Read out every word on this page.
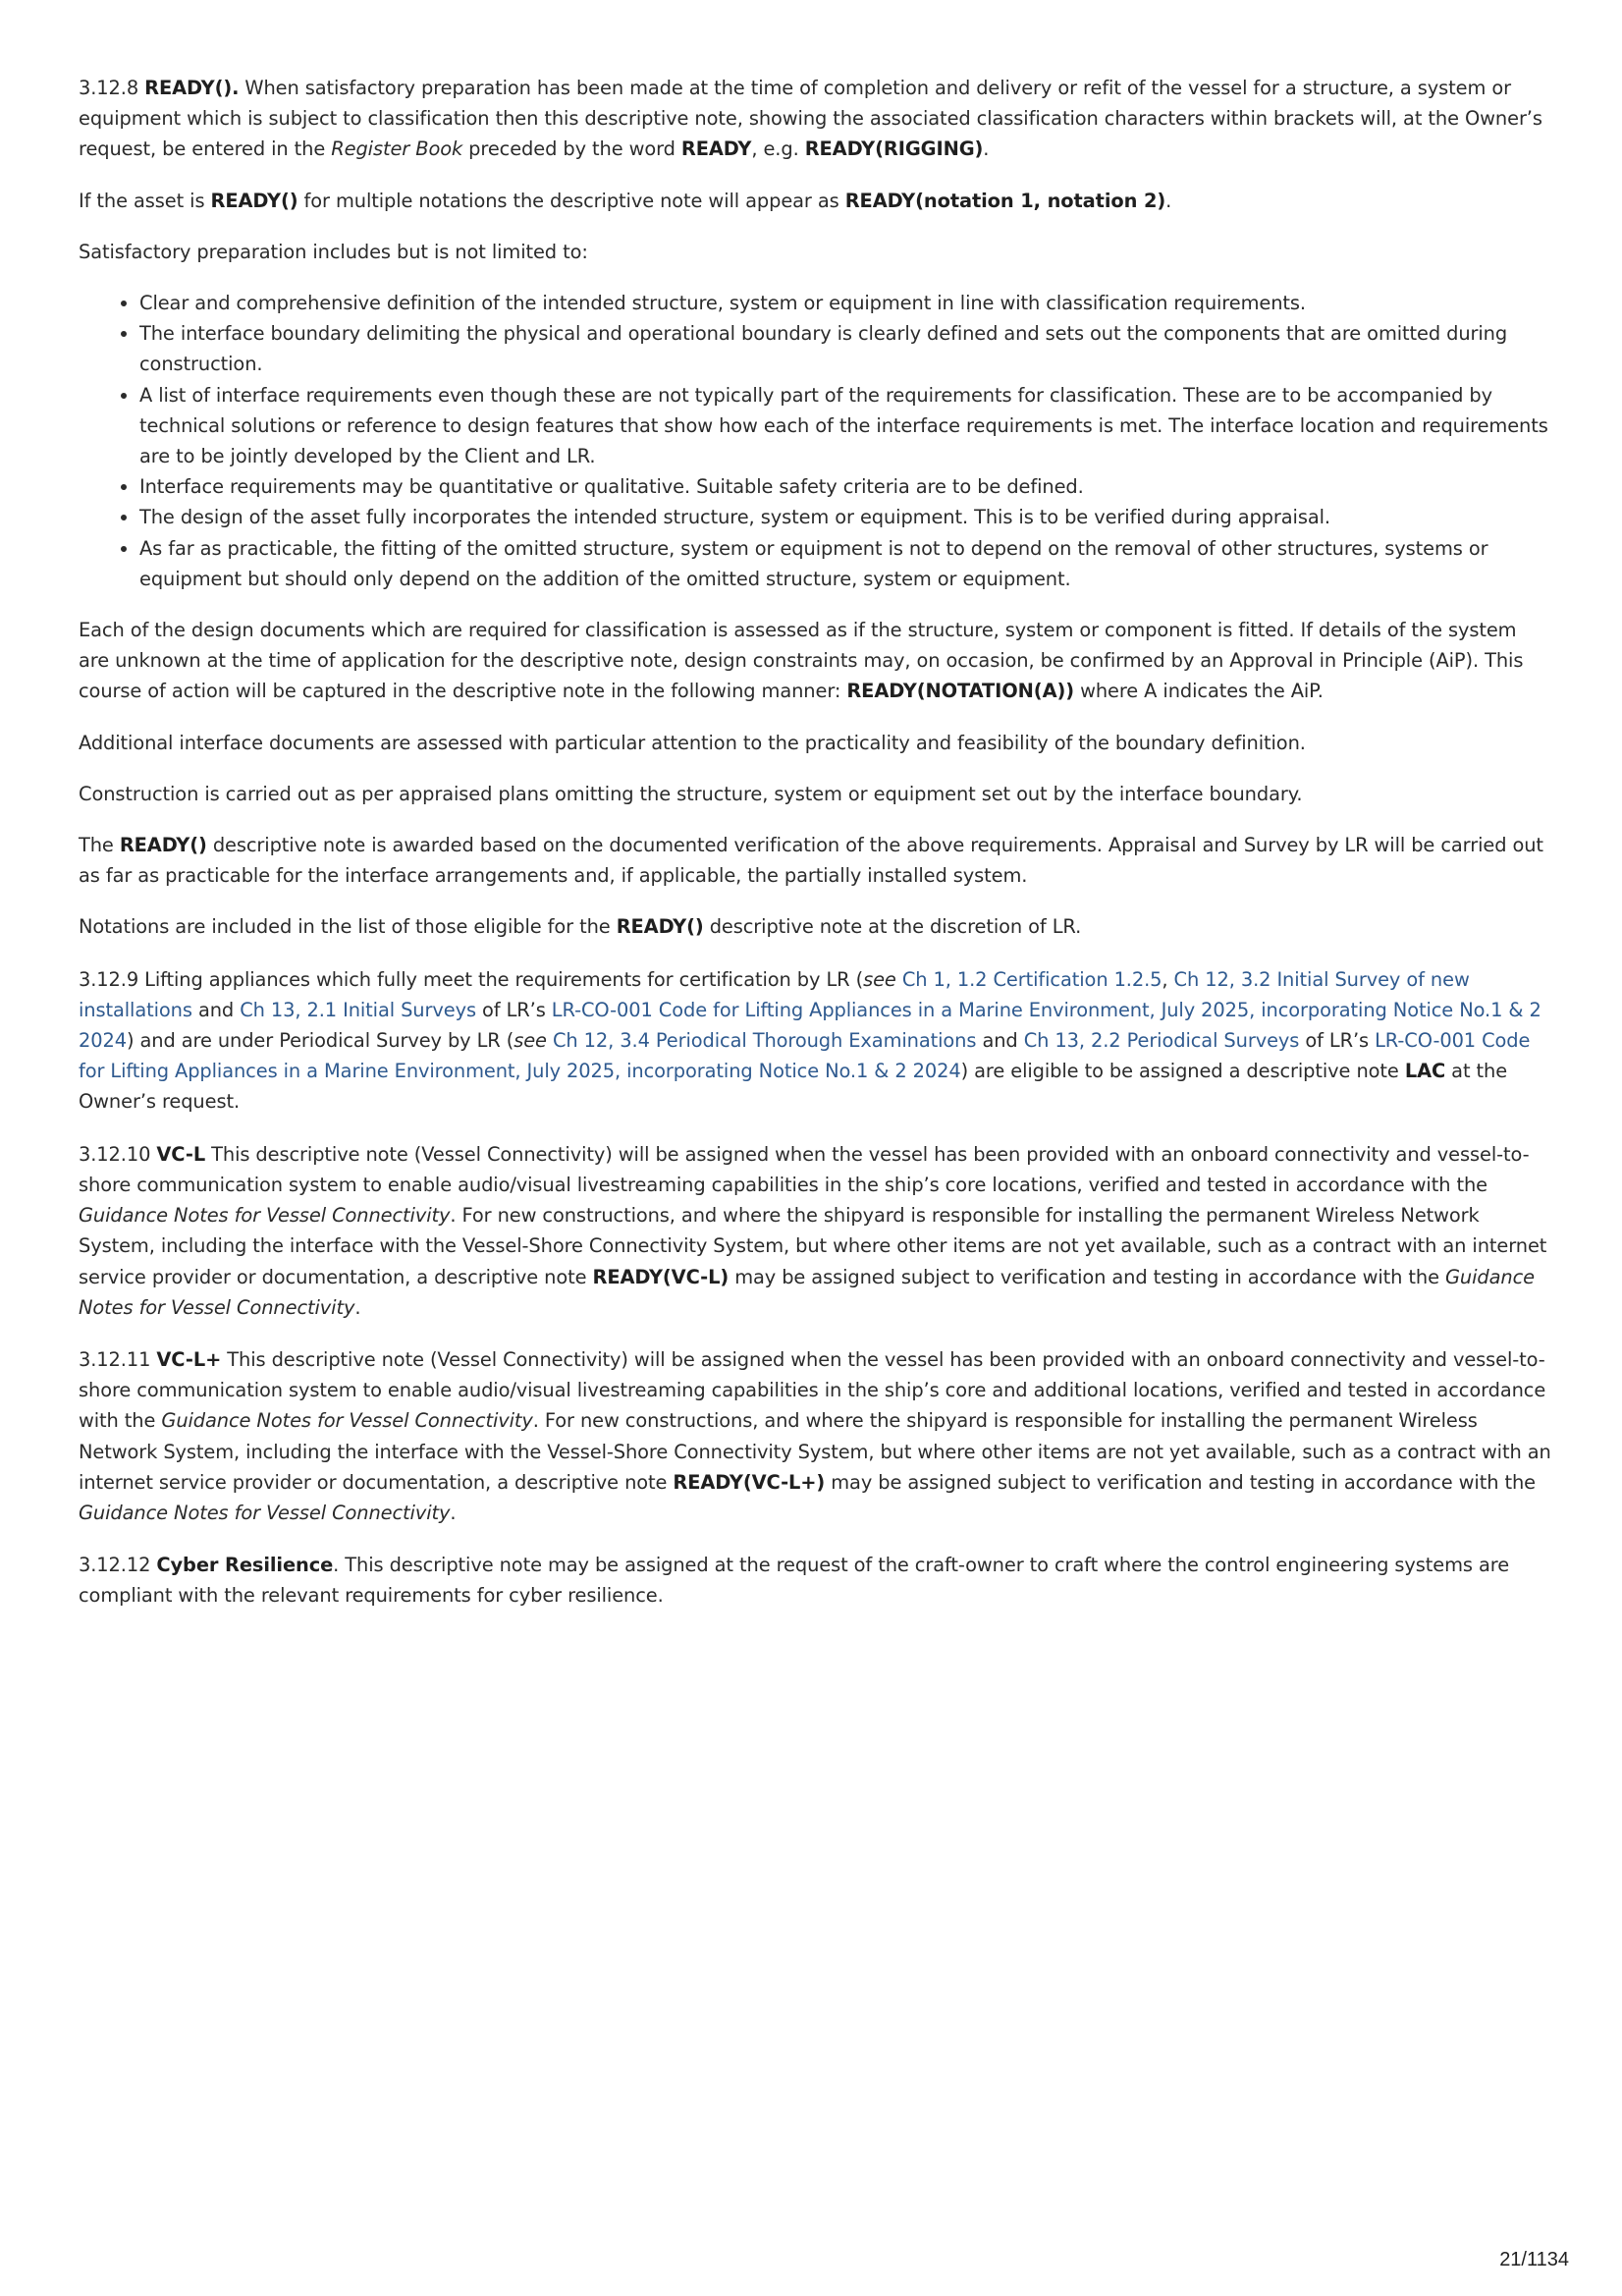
3.12.8 READY(). When satisfactory preparation has been made at the time of completion and delivery or refit of the vessel for a structure, a system or equipment which is subject to classification then this descriptive note, showing the associated classification characters within brackets will, at the Owner’s request, be entered in the Register Book preceded by the word READY, e.g. READY(RIGGING).

If the asset is READY() for multiple notations the descriptive note will appear as READY(notation 1, notation 2).

Satisfactory preparation includes but is not limited to:

• Clear and comprehensive definition of the intended structure, system or equipment in line with classification requirements.
• The interface boundary delimiting the physical and operational boundary is clearly defined and sets out the components that are omitted during construction.
• A list of interface requirements even though these are not typically part of the requirements for classification. These are to be accompanied by technical solutions or reference to design features that show how each of the interface requirements is met. The interface location and requirements are to be jointly developed by the Client and LR.
• Interface requirements may be quantitative or qualitative. Suitable safety criteria are to be defined.
• The design of the asset fully incorporates the intended structure, system or equipment. This is to be verified during appraisal.
• As far as practicable, the fitting of the omitted structure, system or equipment is not to depend on the removal of other structures, systems or equipment but should only depend on the addition of the omitted structure, system or equipment.

Each of the design documents which are required for classification is assessed as if the structure, system or component is fitted. If details of the system are unknown at the time of application for the descriptive note, design constraints may, on occasion, be confirmed by an Approval in Principle (AiP). This course of action will be captured in the descriptive note in the following manner: READY(NOTATION(A)) where A indicates the AiP.

Additional interface documents are assessed with particular attention to the practicality and feasibility of the boundary definition.

Construction is carried out as per appraised plans omitting the structure, system or equipment set out by the interface boundary.

The READY() descriptive note is awarded based on the documented verification of the above requirements. Appraisal and Survey by LR will be carried out as far as practicable for the interface arrangements and, if applicable, the partially installed system.

Notations are included in the list of those eligible for the READY() descriptive note at the discretion of LR.

3.12.9 Lifting appliances which fully meet the requirements for certification by LR (see Ch 1, 1.2 Certification 1.2.5, Ch 12, 3.2 Initial Survey of new installations and Ch 13, 2.1 Initial Surveys of LR’s LR-CO-001 Code for Lifting Appliances in a Marine Environment, July 2025, incorporating Notice No.1 & 2 2024) and are under Periodical Survey by LR (see Ch 12, 3.4 Periodical Thorough Examinations and Ch 13, 2.2 Periodical Surveys of LR’s LR-CO-001 Code for Lifting Appliances in a Marine Environment, July 2025, incorporating Notice No.1 & 2 2024) are eligible to be assigned a descriptive note LAC at the Owner’s request.

3.12.10 VC-L This descriptive note (Vessel Connectivity) will be assigned when the vessel has been provided with an onboard connectivity and vessel-to-shore communication system to enable audio/visual livestreaming capabilities in the ship’s core locations, verified and tested in accordance with the Guidance Notes for Vessel Connectivity. For new constructions, and where the shipyard is responsible for installing the permanent Wireless Network System, including the interface with the Vessel-Shore Connectivity System, but where other items are not yet available, such as a contract with an internet service provider or documentation, a descriptive note READY(VC-L) may be assigned subject to verification and testing in accordance with the Guidance Notes for Vessel Connectivity.

3.12.11 VC-L+ This descriptive note (Vessel Connectivity) will be assigned when the vessel has been provided with an onboard connectivity and vessel-to-shore communication system to enable audio/visual livestreaming capabilities in the ship’s core and additional locations, verified and tested in accordance with the Guidance Notes for Vessel Connectivity. For new constructions, and where the shipyard is responsible for installing the permanent Wireless Network System, including the interface with the Vessel-Shore Connectivity System, but where other items are not yet available, such as a contract with an internet service provider or documentation, a descriptive note READY(VC-L+) may be assigned subject to verification and testing in accordance with the Guidance Notes for Vessel Connectivity.

3.12.12 Cyber Resilience. This descriptive note may be assigned at the request of the craft-owner to craft where the control engineering systems are compliant with the relevant requirements for cyber resilience.

21/1134
